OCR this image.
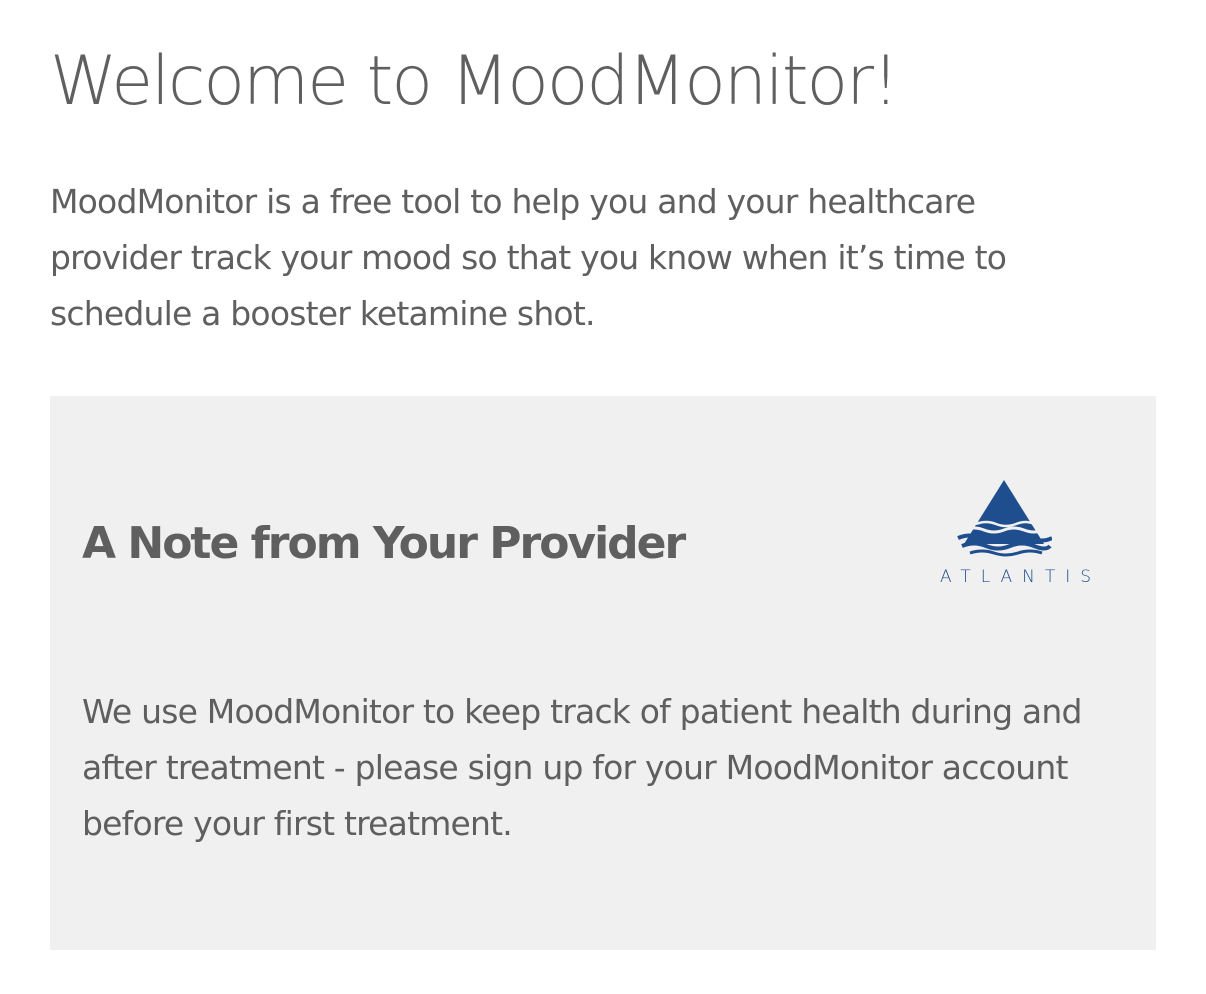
Welcome to MoodMonitor!

MoodMonitor is a free tool to help you and your healthcare provider track your mood so that you know when it’s time to schedule a booster ketamine shot.

A Note from Your Provider
ATLANTIS

We use MoodMonitor to keep track of patient health during and after treatment - please sign up for your MoodMonitor account before your first treatment.
